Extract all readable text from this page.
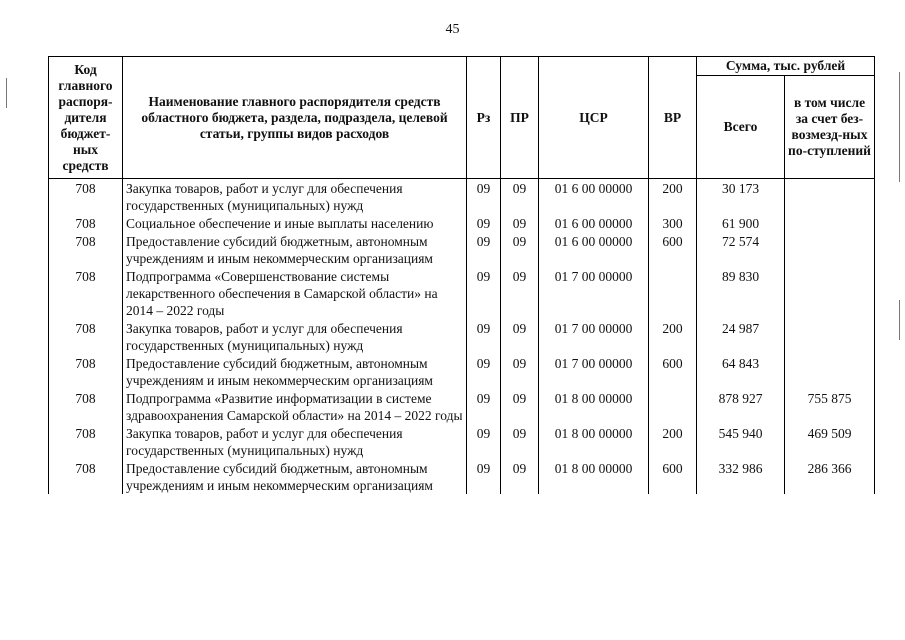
45
Код главного распоря-дителя бюджет-ных средств	Наименование главного распорядителя средств областного бюджета, раздела, подраздела, целевой статьи, группы видов расходов	Рз	ПР	ЦСР	ВР	Сумма, тыс. рублей	
						Всего	в том числе за счет без-возмезд-ных по-ступлений
708	Закупка товаров, работ и услуг для обеспечения государственных (муниципальных) нужд	09	09	01 6 00 00000	200	30 173	
708	Социальное обеспечение и иные выплаты населению	09	09	01 6 00 00000	300	61 900	
708	Предоставление субсидий бюджетным, автономным учреждениям и иным некоммерческим организациям	09	09	01 6 00 00000	600	72 574	
708	Подпрограмма «Совершенствование системы лекарственного обеспечения в Самарской области» на 2014 – 2022 годы	09	09	01 7 00 00000		89 830	
708	Закупка товаров, работ и услуг для обеспечения государственных (муниципальных) нужд	09	09	01 7 00 00000	200	24 987	
708	Предоставление субсидий бюджетным, автономным учреждениям и иным некоммерческим организациям	09	09	01 7 00 00000	600	64 843	
708	Подпрограмма «Развитие информатизации в системе здравоохранения Самарской области» на 2014 – 2022 годы	09	09	01 8 00 00000		878 927	755 875
708	Закупка товаров, работ и услуг для обеспечения государственных (муниципальных) нужд	09	09	01 8 00 00000	200	545 940	469 509
708	Предоставление субсидий бюджетным, автономным учреждениям и иным некоммерческим организациям	09	09	01 8 00 00000	600	332 986	286 366
